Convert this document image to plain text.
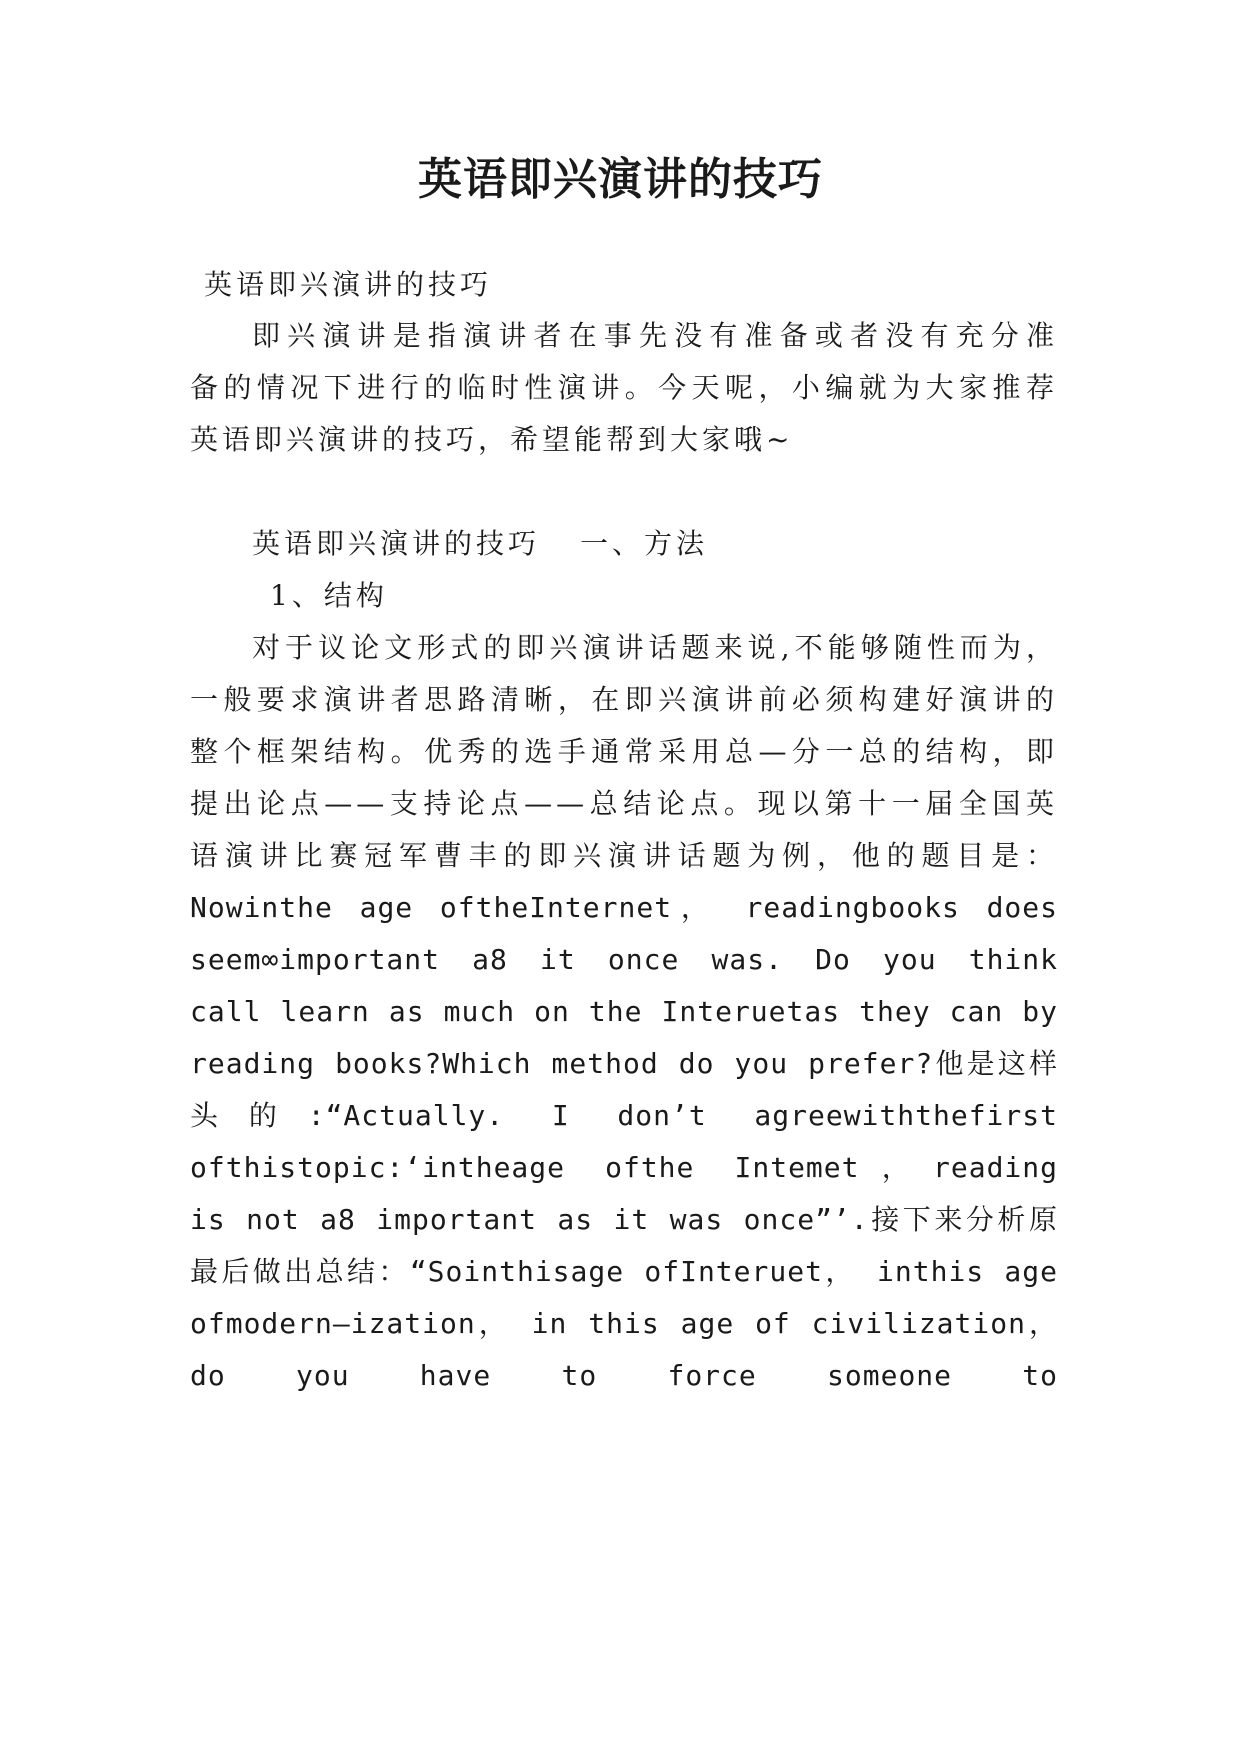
英语即兴演讲的技巧
英语即兴演讲的技巧
即兴演讲是指演讲者在事先没有准备或者没有充分准
备的情况下进行的临时性演讲。今天呢，小编就为大家推荐
英语即兴演讲的技巧，希望能帮到大家哦~
英语即兴演讲的技巧 一、方法
1、结构
对于议论文形式的即兴演讲话题来说,不能够随性而为，
一般要求演讲者思路清晰，在即兴演讲前必须构建好演讲的
整个框架结构。优秀的选手通常采用总—分一总的结构，即
提出论点——支持论点——总结论点。现以第十一届全国英
语演讲比赛冠军曹丰的即兴演讲话题为例，他的题目是：
Nowinthe age oftheInternet， readingbooks does
seem∞important a8 it once was. Do you think
call learn as much on the Interuetas they can by
reading books?Which method do you prefer?他是这样
头的:“Actually. I don’t agreewiththefirst
ofthistopic:‘intheage ofthe Intemet，reading
is not a8 important as it was once”’.接下来分析原
最后做出总结：“Sointhisage ofInteruet， inthis age
ofmodern—ization， in this age of civilization，
do you have to force someone to
